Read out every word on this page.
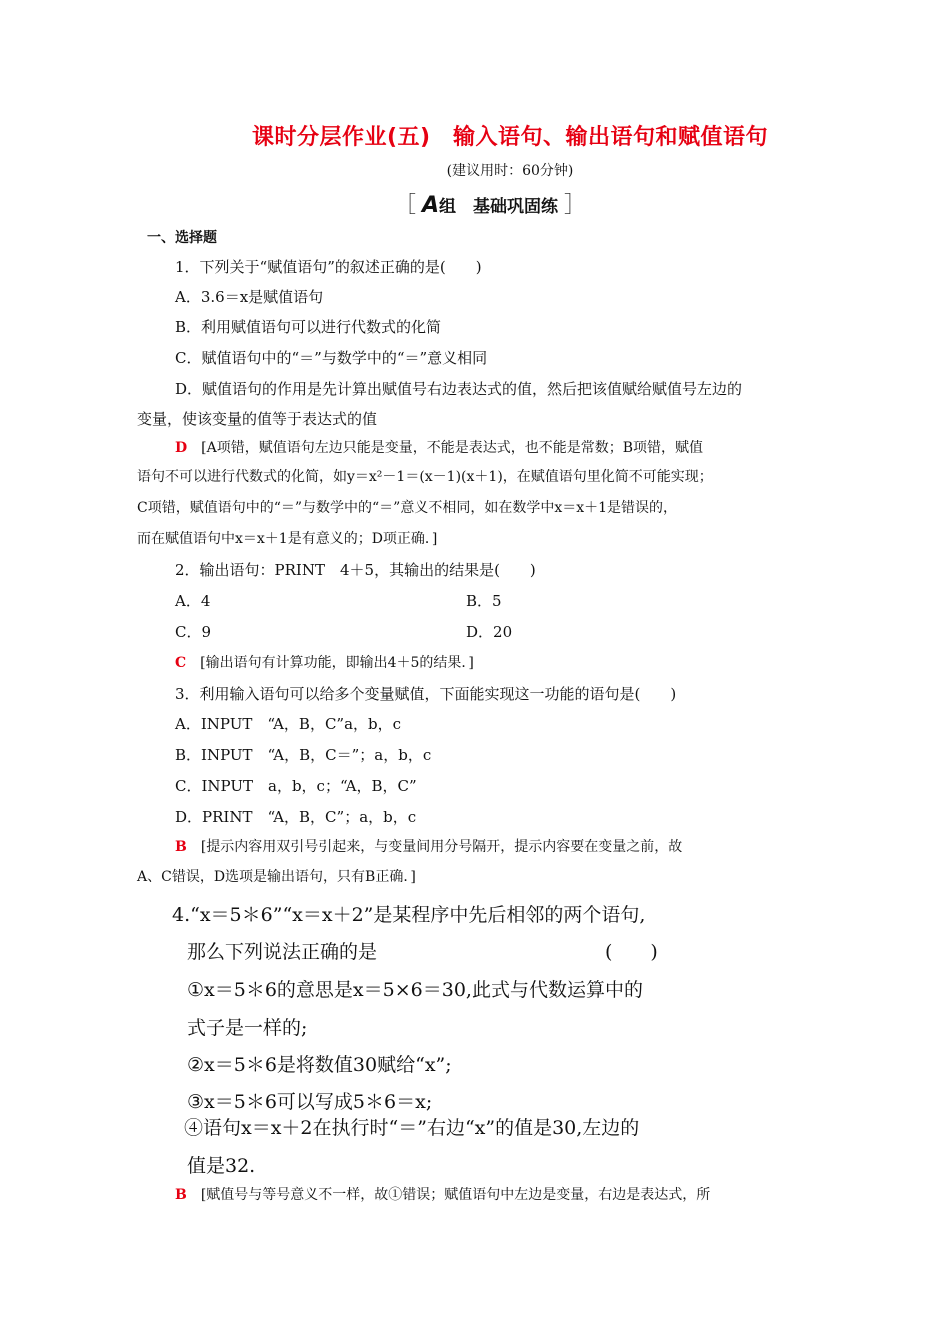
课时分层作业(五)　输入语句、输出语句和赋值语句
(建议用时：60分钟)
［ A组　基础巩固练 ］
一、选择题
1．下列关于“赋值语句”的叙述正确的是(　　)
A．3.6＝x是赋值语句
B．利用赋值语句可以进行代数式的化简
C．赋值语句中的“＝”与数学中的“＝”意义相同
D．赋值语句的作用是先计算出赋值号右边表达式的值，然后把该值赋给赋值号左边的
变量，使该变量的值等于表达式的值
D [A项错，赋值语句左边只能是变量，不能是表达式，也不能是常数；B项错，赋值
语句不可以进行代数式的化简，如y＝x²－1＝(x－1)(x＋1)，在赋值语句里化简不可能实现；
C项错，赋值语句中的“＝”与数学中的“＝”意义不相同，如在数学中x＝x＋1是错误的，
而在赋值语句中x＝x＋1是有意义的；D项正确．]
2．输出语句：PRINT　4＋5，其输出的结果是(　　)
A．4	B．5
C．9	D．20
C [输出语句有计算功能，即输出4＋5的结果．]
3．利用输入语句可以给多个变量赋值，下面能实现这一功能的语句是(　　)
A．INPUT　“A，B，C”a，b，c
B．INPUT　“A，B，C＝”；a，b，c
C．INPUT　a，b，c；“A，B，C”
D．PRINT　“A，B，C”；a，b，c
B [提示内容用双引号引起来，与变量间用分号隔开，提示内容要在变量之前，故
A、C错误，D选项是输出语句，只有B正确．]
4.“x＝5＊6”“x＝x＋2”是某程序中先后相邻的两个语句,
那么下列说法正确的是	(　　)
①x＝5＊6的意思是x＝5×6＝30,此式与代数运算中的
式子是一样的;
②x＝5＊6是将数值30赋给“x”;
③x＝5＊6可以写成5＊6＝x;
④语句x＝x＋2在执行时“＝”右边“x”的值是30,左边的
值是32.
B [赋值号与等号意义不一样，故①错误；赋值语句中左边是变量，右边是表达式，所
